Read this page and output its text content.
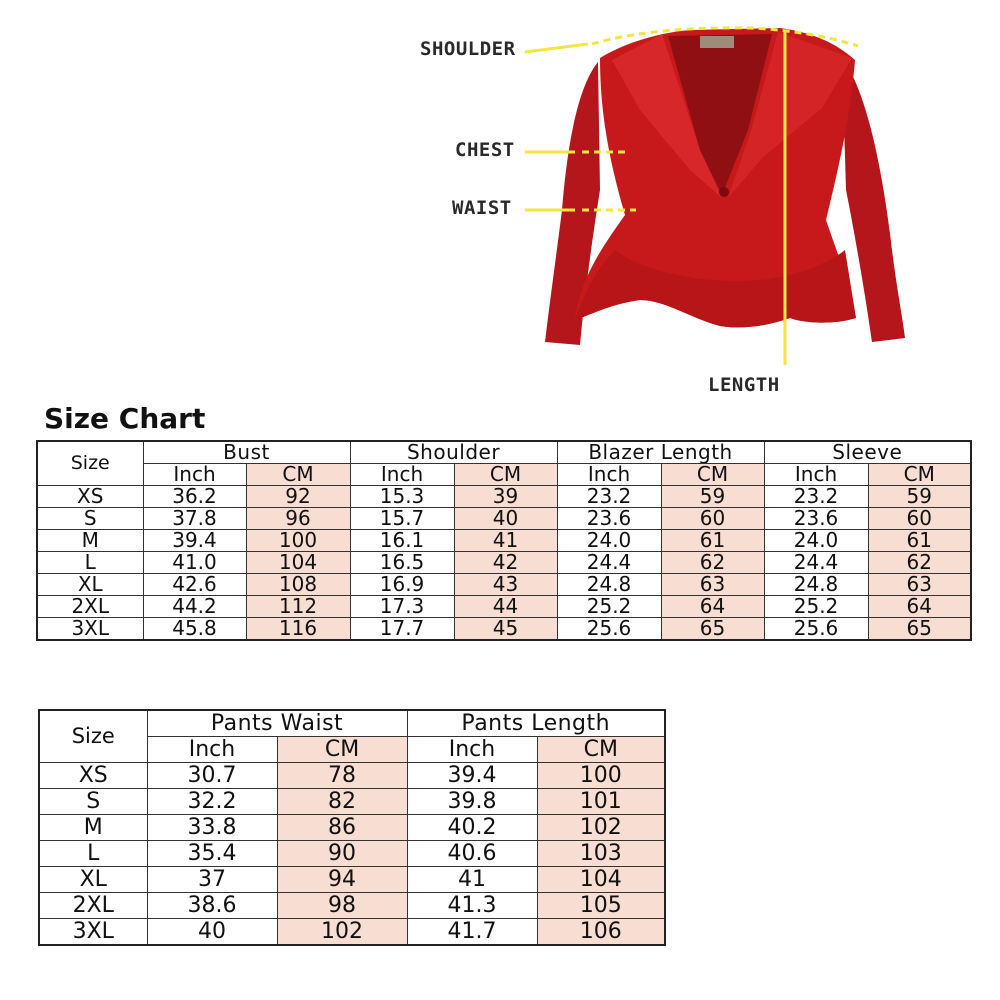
SHOULDER
CHEST
WAIST
LENGTH
Size Chart
Size	Bust		Shoulder		Blazer Length		Sleeve	
	Inch	CM	Inch	CM	Inch	CM	Inch	CM
XS	36.2	92	15.3	39	23.2	59	23.2	59
S	37.8	96	15.7	40	23.6	60	23.6	60
M	39.4	100	16.1	41	24.0	61	24.0	61
L	41.0	104	16.5	42	24.4	62	24.4	62
XL	42.6	108	16.9	43	24.8	63	24.8	63
2XL	44.2	112	17.3	44	25.2	64	25.2	64
3XL	45.8	116	17.7	45	25.6	65	25.6	65
Size	Pants Waist		Pants Length	
	Inch	CM	Inch	CM
XS	30.7	78	39.4	100
S	32.2	82	39.8	101
M	33.8	86	40.2	102
L	35.4	90	40.6	103
XL	37	94	41	104
2XL	38.6	98	41.3	105
3XL	40	102	41.7	106
